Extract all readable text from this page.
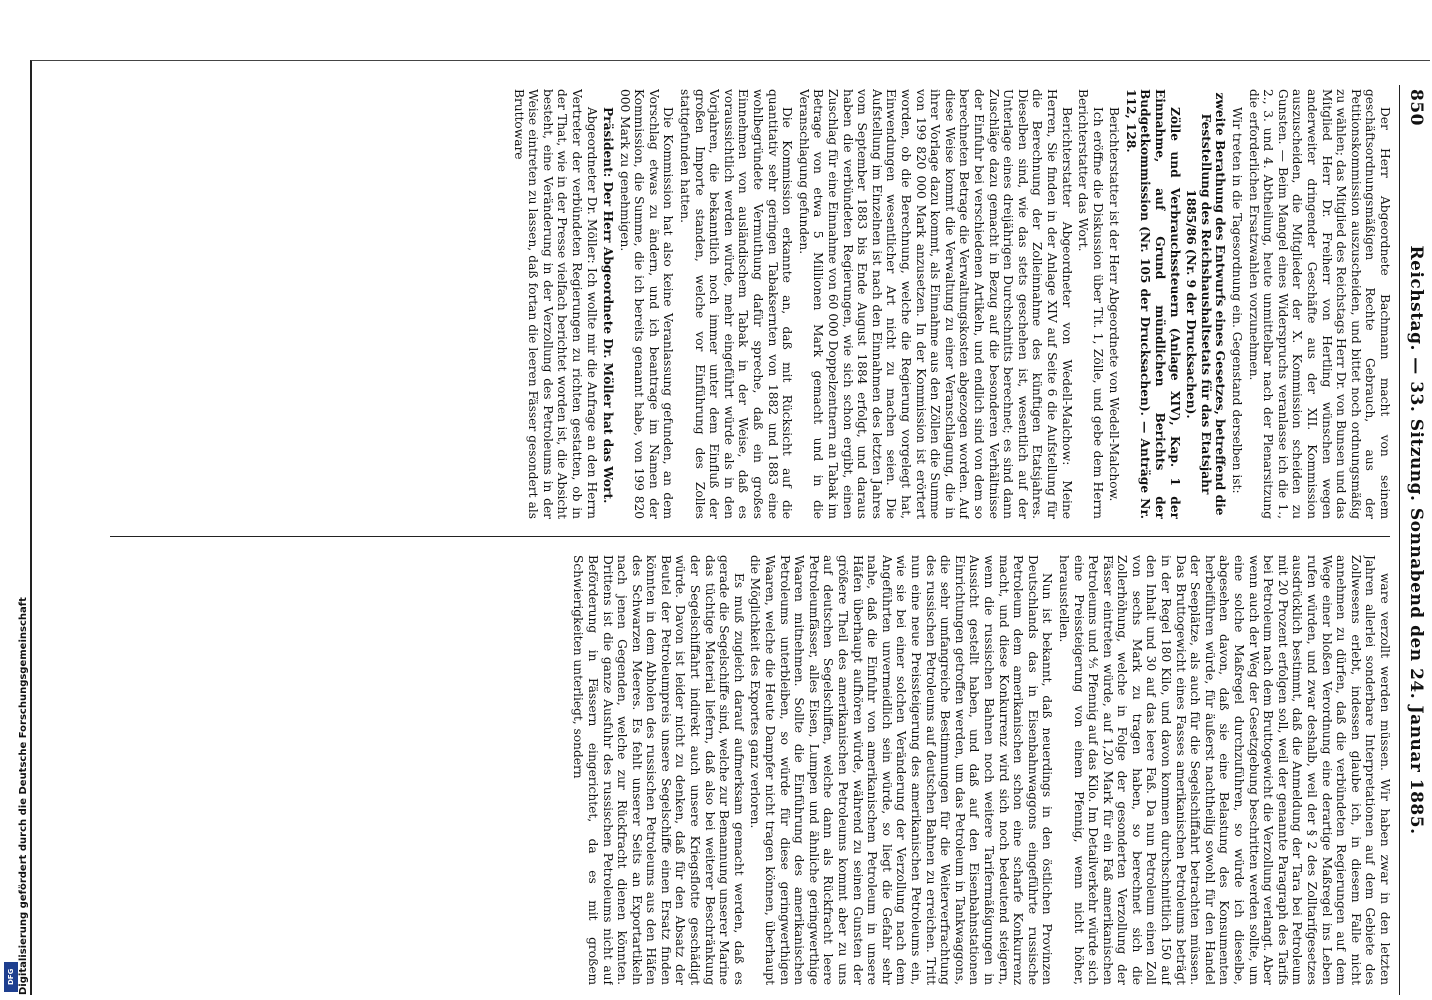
Digitalisierung gefördert durch die Deutsche Forschungsgemeinschaft
DFG
850
Reichstag. — 33. Sitzung. Sonnabend den 24. Januar 1885.

Der Herr Abgeordnete Bachmann macht von seinem geschäftsordnungsmäßigen Rechte Gebrauch, aus der Petitionskommission auszuscheiden, und bittet noch ordnungsmäßig zu wählen; das Mitglied des Reichstags Herr Dr. von Bunsen und das Mitglied Herr Dr. Freiherr von Hertling wünschen wegen anderweiter dringender Geschäfte aus der XII. Kommission auszuscheiden, die Mitglieder der X. Kommission scheiden zu Gunsten. — Beim Mangel eines Widerspruchs veranlasse ich die 1., 2., 3. und 4. Abtheilung, heute unmittelbar nach der Plenarsitzung die erforderlichen Ersatzwahlen vorzunehmen.

Wir treten in die Tagesordnung ein. Gegenstand derselben ist:

zweite Berathung des Entwurfs eines Gesetzes, betreffend die Feststellung des Reichshaushaltsetats für das Etatsjahr 1885/86 (Nr. 9 der Drucksachen).

Zölle und Verbrauchssteuern (Anlage XIV), Kap. 1 der Einnahme, auf Grund mündlichen Berichts der Budgetkommission (Nr. 105 der Drucksachen). — Anträge Nr. 112, 128.

Berichterstatter ist der Herr Abgeordnete von Wedell-Malchow.

Ich eröffne die Diskussion über Tit. 1, Zölle, und gebe dem Herrn Berichterstatter das Wort.

Berichterstatter Abgeordneter von Wedell-Malchow: Meine Herren, Sie finden in der Anlage XIV auf Seite 6 die Aufstellung für die Berechnung der Zolleinnahme des künftigen Etatsjahres. Dieselben sind, wie das stets geschehen ist, wesentlich auf der Unterlage eines dreijährigen Durchschnitts berechnet; es sind dann Zuschläge dazu gemacht in Bezug auf die besonderen Verhältnisse der Einfuhr bei verschiedenen Artikeln, und endlich sind von dem so berechneten Betrage die Verwaltungskosten abgezogen worden. Auf diese Weise kommt die Verwaltung zu einer Veranschlagung, die in ihrer Vorlage dazu kommt, als Einnahme aus den Zöllen die Summe von 199 820 000 Mark anzusetzen. In der Kommission ist erörtert worden, ob die Berechnung, welche die Regierung vorgelegt hat, Einwendungen wesentlicher Art nicht zu machen seien. Die Aufstellung im Einzelnen ist nach den Einnahmen des letzten Jahres vom September 1883 bis Ende August 1884 erfolgt, und daraus haben die verbündeten Regierungen, wie sich schon ergibt, einen Zuschlag für eine Einnahme von 60 000 Doppelzentnern an Tabak im Betrage von etwa 5 Millionen Mark gemacht und in die Veranschlagung gefunden.

Die Kommission erkannte an, daß mit Rücksicht auf die quantitativ sehr geringen Tabaksernten von 1882 und 1883 eine wohlbegründete Vermuthung dafür spreche, daß ein großes Einnehmen von ausländischem Tabak in der Weise, daß es voraussichtlich werden würde, mehr eingeführt würde als in den Vorjahren, die bekanntlich noch immer unter dem Einfluß der großen Importe standen, welche vor Einführung des Zolles stattgefunden hatten.

Die Kommission hat also keine Veranlassung gefunden, an dem Vorschlag etwas zu ändern, und ich beantrage im Namen der Kommission, die Summe, die ich bereits genannt habe, von 199 820 000 Mark zu genehmigen.

Präsident: Der Herr Abgeordnete Dr. Möller hat das Wort.

Abgeordneter Dr. Möller: Ich wollte mir die Anfrage an den Herrn Vertreter der verbündeten Regierungen zu richten gestatten, ob in der That, wie in der Presse vielfach berichtet worden ist, die Absicht besteht, eine Veränderung in der Verzollung des Petroleums in der Weise eintreten zu lassen, daß fortan die leeren Fässer gesondert als Bruttoware

ware verzollt werden müssen. Wir haben zwar in den letzten Jahren allerlei sonderbare Interpretationen auf dem Gebiete des Zollwesens erlebt, indessen glaube ich, in diesem Falle nicht annehmen zu dürfen, daß die verbündeten Regierungen auf dem Wege einer bloßen Verordnung eine derartige Maßregel ins Leben rufen würden, und zwar deshalb, weil der § 2 des Zolltarifgesetzes ausdrücklich bestimmt, daß die Anmeldung der Tara bei Petroleum mit 20 Prozent erfolgen soll, weil der genannte Paragraph des Tarifs bei Petroleum nach dem Bruttogewicht die Verzollung verlangt. Aber wenn auch der Weg der Gesetzgebung beschritten werden sollte, um eine solche Maßregel durchzuführen, so würde ich dieselbe, abgesehen davon, daß sie eine Belastung des Konsumenten herbeiführen würde, für äußerst nachtheilig sowohl für den Handel der Seeplätze, als auch für die Segelschiffahrt betrachten müssen. Das Bruttogewicht eines Fasses amerikanischen Petroleums beträgt in der Regel 180 Kilo, und davon kommen durchschnittlich 150 auf den Inhalt und 30 auf das leere Faß. Da nun Petroleum einen Zoll von sechs Mark zu tragen haben, so berechnet sich die Zollerhöhung, welche in Folge der gesonderten Verzollung der Fässer eintreten würde, auf 1,20 Mark für ein Faß amerikanischen Petroleums und ⅘ Pfennig auf das Kilo. Im Detailverkehr würde sich eine Preissteigerung von einem Pfennig, wenn nicht höher, herausstellen.

Nun ist bekannt, daß neuerdings in den östlichen Provinzen Deutschlands das in Eisenbahnwaggons eingeführte russische Petroleum dem amerikanischen schon eine scharfe Konkurrenz macht, und diese Konkurrenz wird sich noch bedeutend steigern, wenn die russischen Bahnen noch weitere Tarifermäßigungen in Aussicht gestellt haben, und daß auf den Eisenbahnstationen Einrichtungen getroffen werden, um das Petroleum in Tankwaggons, die sehr umfangreiche Bestimmungen für die Weiterverfrachtung des russischen Petroleums auf deutschen Bahnen zu erreichen. Tritt nun eine neue Preissteigerung des amerikanischen Petroleums ein, wie sie bei einer solchen Veränderung der Verzollung nach dem Angeführten unvermeidlich sein würde, so liegt die Gefahr sehr nahe, daß die Einfuhr von amerikanischem Petroleum in unsere Häfen überhaupt aufhören würde, während zu seinen Gunsten der größere Theil des amerikanischen Petroleums kommt aber zu uns auf deutschen Segelschiffen, welche dann als Rückfracht leere Petroleumfässer, alles Eisen, Lumpen und ähnliche geringwerthige Waaren mitnehmen. Sollte die Einführung des amerikanischen Petroleums unterbleiben, so würde für diese geringwerthigen Waaren, welche die Heute Dampfer nicht tragen können, überhaupt die Möglichkeit des Exportes ganz verloren.

Es muß zugleich darauf aufmerksam gemacht werden, daß es gerade die Segelschiffe sind, welche zur Bemannung unserer Marine das tüchtige Material liefern, daß also bei weiterer Beschränkung der Segelschiffahrt indirekt auch unsere Kriegsflotte geschädigt würde. Davon ist leider nicht zu denken, daß für den Absatz der Beutel der Petroleumpreis unsere Segelschiffe einen Ersatz finden könnten in dem Abholen des russischen Petroleums aus den Häfen des Schwarzen Meeres. Es fehlt unserer Seits an Exportartikeln nach jenen Gegenden, welche zur Rückfracht dienen könnten. Drittens ist die ganze Ausfuhr des russischen Petroleums nicht auf Beförderung in Fässern eingerichtet, da es mit großem Schwierigkeiten unterliegt, sondern
